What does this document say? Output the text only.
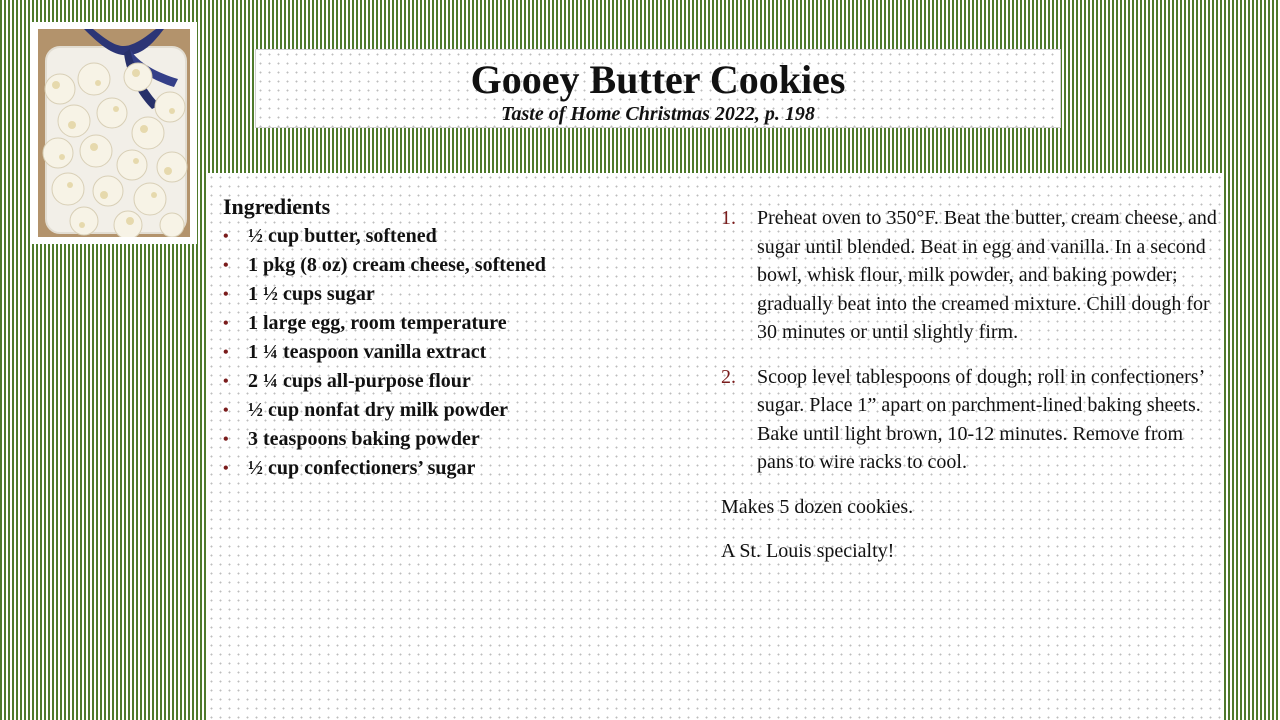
Gooey Butter Cookies

Taste of Home Christmas 2022, p. 198

Ingredients
• ½ cup butter, softened
• 1 pkg (8 oz) cream cheese, softened
• 1 ½ cups sugar
• 1 large egg, room temperature
• 1 ¼ teaspoon vanilla extract
• 2 ¼ cups all-purpose flour
• ½ cup nonfat dry milk powder
• 3 teaspoons baking powder
• ½ cup confectioners’ sugar
1. Preheat oven to 350°F. Beat the butter, cream cheese, and sugar until blended. Beat in egg and vanilla. In a second bowl, whisk flour, milk powder, and baking powder; gradually beat into the creamed mixture. Chill dough for 30 minutes or until slightly firm.
2. Scoop level tablespoons of dough; roll in confectioners’ sugar. Place 1” apart on parchment-lined baking sheets. Bake until light brown, 10-12 minutes. Remove from pans to wire racks to cool.

Makes 5 dozen cookies.

A St. Louis specialty!
